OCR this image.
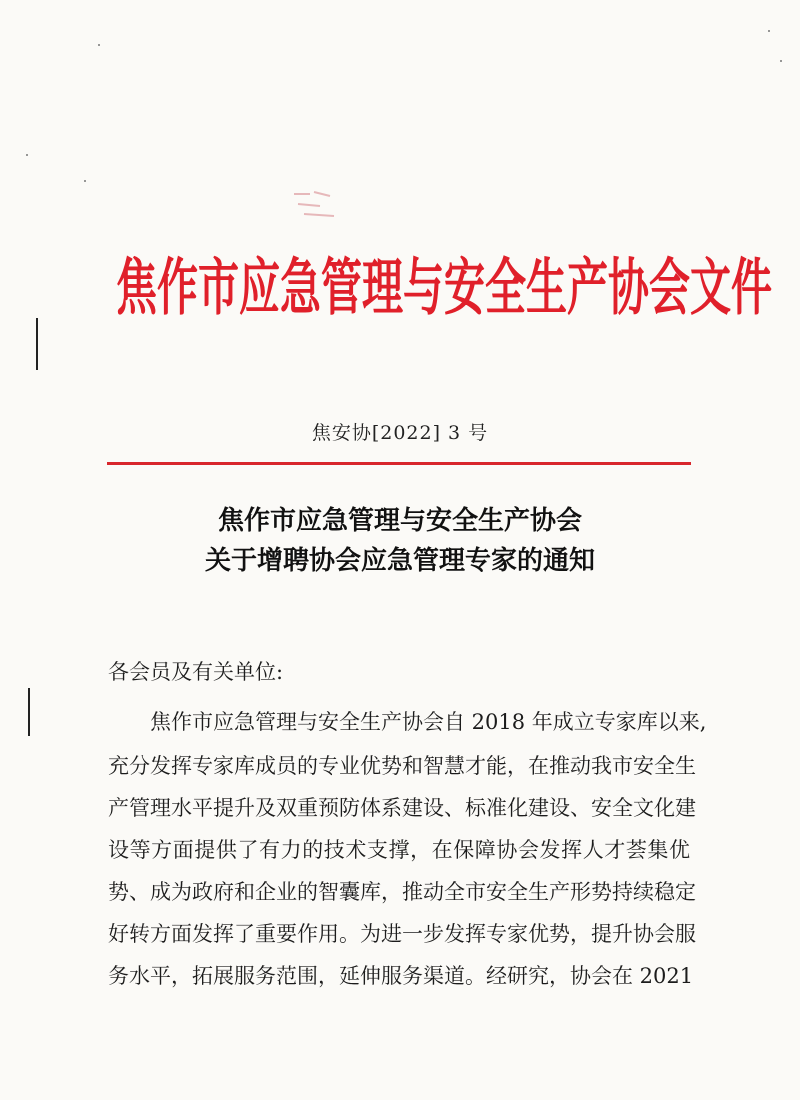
焦作市应急管理与安全生产协会文件
焦安协[2022] 3 号
焦作市应急管理与安全生产协会
关于增聘协会应急管理专家的通知
各会员及有关单位:
焦作市应急管理与安全生产协会自 2018 年成立专家库以来,
充分发挥专家库成员的专业优势和智慧才能，在推动我市安全生
产管理水平提升及双重预防体系建设、标准化建设、安全文化建
设等方面提供了有力的技术支撑，在保障协会发挥人才荟集优
势、成为政府和企业的智囊库，推动全市安全生产形势持续稳定
好转方面发挥了重要作用。为进一步发挥专家优势，提升协会服
务水平，拓展服务范围，延伸服务渠道。经研究，协会在 2021
